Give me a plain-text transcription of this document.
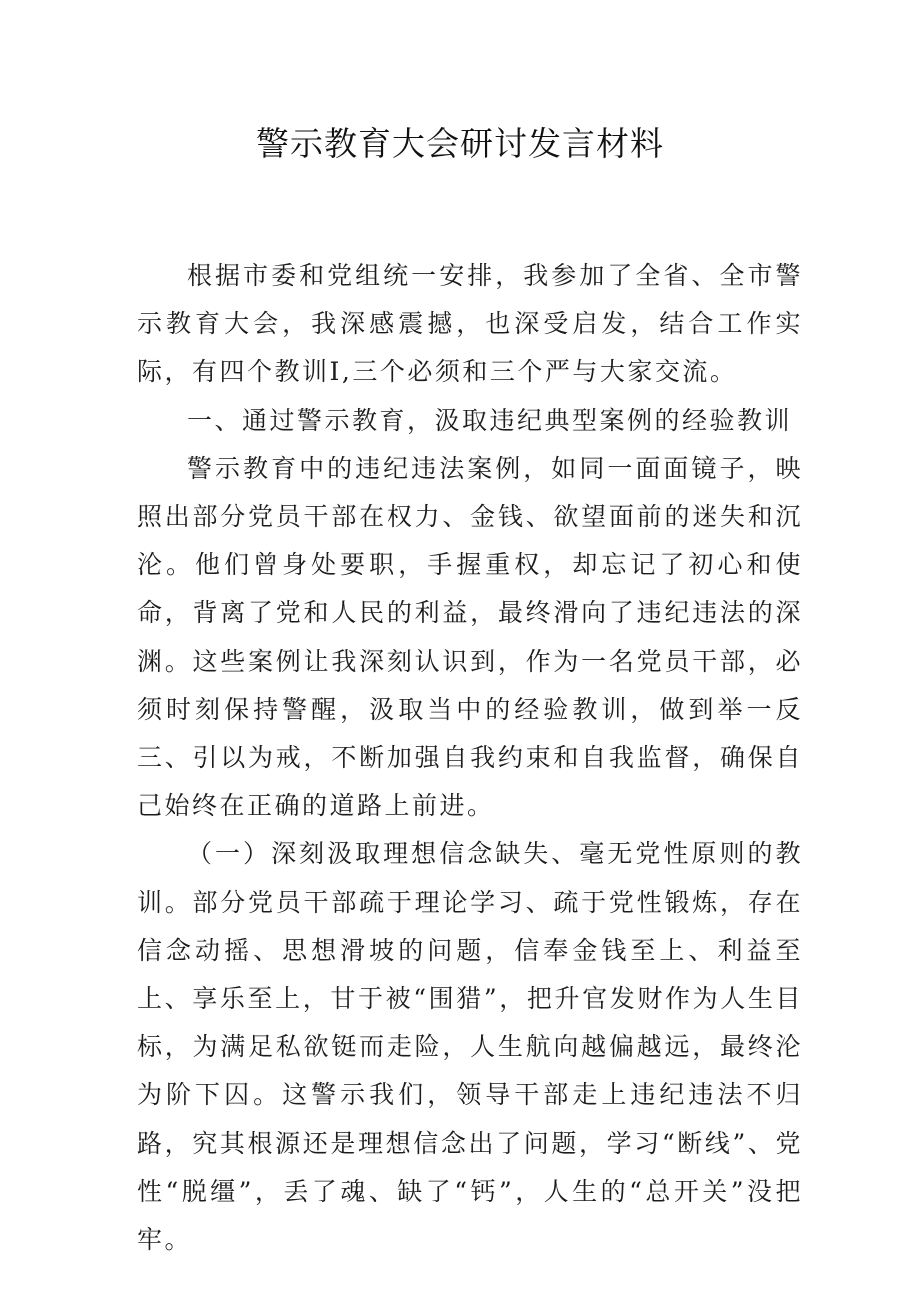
警示教育大会研讨发言材料

根据市委和党组统一安排，我参加了全省、全市警示教育大会，我深感震撼，也深受启发，结合工作实际，有四个教训I,三个必须和三个严与大家交流。

一、通过警示教育，汲取违纪典型案例的经验教训

警示教育中的违纪违法案例，如同一面面镜子，映照出部分党员干部在权力、金钱、欲望面前的迷失和沉沦。他们曾身处要职，手握重权，却忘记了初心和使命，背离了党和人民的利益，最终滑向了违纪违法的深渊。这些案例让我深刻认识到，作为一名党员干部，必须时刻保持警醒，汲取当中的经验教训，做到举一反三、引以为戒，不断加强自我约束和自我监督，确保自己始终在正确的道路上前进。

（一）深刻汲取理想信念缺失、毫无党性原则的教训。部分党员干部疏于理论学习、疏于党性锻炼，存在信念动摇、思想滑坡的问题，信奉金钱至上、利益至上、享乐至上，甘于被“围猎”，把升官发财作为人生目标，为满足私欲铤而走险，人生航向越偏越远，最终沦为阶下囚。这警示我们，领导干部走上违纪违法不归路，究其根源还是理想信念出了问题，学习“断线”、党性“脱缰”，丢了魂、缺了“钙”，人生的“总开关”没把牢。
